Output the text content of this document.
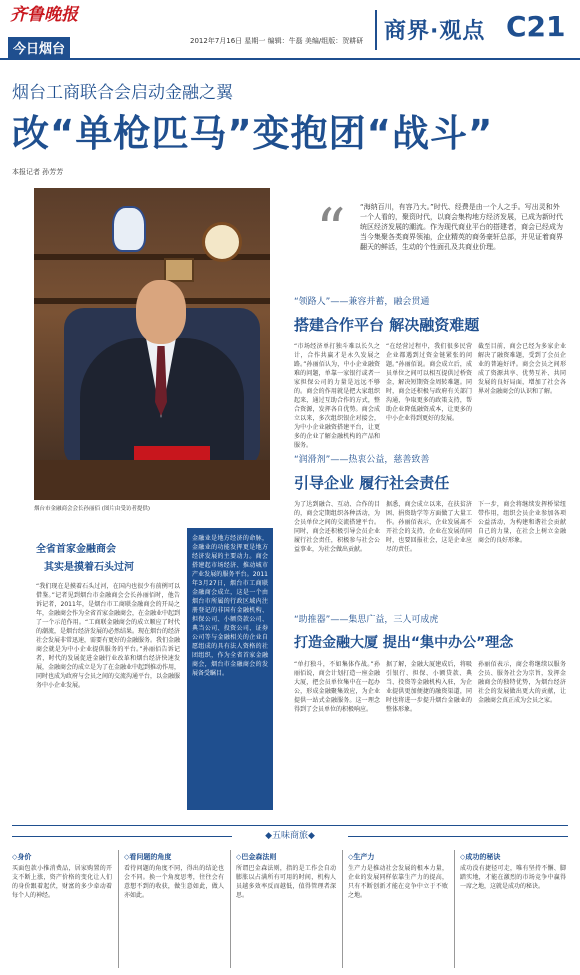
齐鲁晚报
今日烟台
2012年7月16日 星期一 编辑：牛磊 美编/组版：贺耕研 商界·观点 C21
烟台工商联合会启动金融之翼
改“单枪匹马”变抱团“战斗”
本报记者 孙芳芳
烟台市金融商会会长孙丽佰 (图片由受访者提供)
“ “海纳百川，有容乃大。”时代、经费是由一个人之手。写出灵和外一个人看的，聚资时代，以商会集构地方经济发展，已成为新时代统区经济发展的潮流。作为现代商业平台的搭建者，商会已经成为当今集聚各类商界领袖，企业精英的商务豪轩总部，并见证着商界翻天的鲜活，生动的个性面孔及共商业价理。
“领路人”——兼容并蓄，融会贯通
搭建合作平台 解决融资难题
“市场经济单打独斗难以长久之计，合作共赢才是永久发展之路。”孙丽佰认为，中小企业融资难的问题，单靠一家银行或者一家担保公司的力量是远远不够的。商会的作用就是把大家组织起来，通过互助合作的方式，整合资源，发挥各自优势。商会成立以来，多次组织银企对接会，为中小企业融资搭建平台，让更多的企业了解金融机构的产品和服务。
“在经营过程中，我们很多民营企业都遇到过资金链紧张的问题。”孙丽佰说。商会成立后，成员单位之间可以相互提供过桥资金，解决短期资金周转难题。同时，商会还积极与政府有关部门沟通，争取更多的政策支持，帮助企业降低融资成本，让更多的中小企业得到更好的发展。
截至目前，商会已经为多家企业解决了融资难题，受到了会员企业的普遍好评。商会会员之间形成了资源共享、优势互补、共同发展的良好局面，增加了社会各界对金融商会的认识和了解。
“润滑剂”——热衷公益，慈善致善
引导企业 履行社会责任
为了达到融合、互动、合作的目的，商会定期组织各种活动，为会员单位之间的交流搭建平台。同时，商会还积极引导会员企业履行社会责任，积极参与社会公益事业，为社会做出贡献。
据悉，商会成立以来，在扶贫济困、捐资助学等方面做了大量工作。孙丽佰表示，企业发展离不开社会的支持，企业在发展的同时，也要回报社会，这是企业应尽的责任。
下一步，商会将继续发挥桥梁纽带作用，组织会员企业参加各项公益活动，为构建和谐社会贡献自己的力量，在社会上树立金融商会的良好形象。
“助推器”——集思广益，三人可成虎
打造金融大厦 提出“集中办公”理念
“单打独斗，不如集体作战。”孙丽佰说，商会计划打造一座金融大厦，把会员单位集中在一起办公，形成金融聚集效应，为企业提供一站式金融服务。这一理念得到了会员单位的积极响应。
据了解，金融大厦建成后，将吸引银行、担保、小额贷款、典当、投资等金融机构入驻，为企业提供更加便捷的融资渠道，同时也将进一步提升烟台金融业的整体形象。
孙丽佰表示，商会将继续以服务会员、服务社会为宗旨，发挥金融商会的独特优势，为烟台经济社会的发展做出更大的贡献，让金融商会真正成为会员之家。
全省首家金融商会
其实是摸着石头过河
“我们现在是摸着石头过河，在国内也很少有前例可以借鉴。”记者见到烟台市金融商会会长孙丽佰时，他告诉记者，2011年，是烟台市工商联金融商会的开局之年，金融商会作为全省首家金融商会，在金融业中起到了一个示范作用。“工商联金融商会的成立顺应了时代的潮流，是烟台经济发展的必然结果。现在烟台的经济社会发展非常迅速，需要有更好的金融服务。我们金融商会就是为中小企业提供服务的平台。”孙丽佰告诉记者，时代的发展促进金融行业改革和烟台经济快速发展，金融商会的成立是为了在金融业中起到推动作用，同时也成为政府与会员之间的交流沟通平台，以金融服务中小企业发展。
金融业是地方经济的命脉，金融业的功能发挥更是地方经济发展的主要动力。商会搭建起市场经济、推动城市产业发展的服务平台。2011年3月27日，烟台市工商联金融商会成立，这是一个由烟台市所属的行政区域内注册登记的非国有金融机构、担保公司、小额贷款公司、典当公司、投资公司、证券公司等与金融相关的企业自愿组成的具有法人资格的社团组织，作为全省首家金融商会，烟台市金融商会的发展备受瞩目。
◆五味商旅◆
◇身价
买面包款小推消费品，居家购置的开支不断上涨，资产价格的变化让人们的身价跟着起伏，财富的多少牵动着每个人的神经。
◇看问题的角度
看待问题的角度不同，得出的结论也会不同。换一个角度思考，往往会有意想不到的收获，做生意如此，做人亦如此。
◇巴金森法则
所谓巴金森法则，指的是工作会自动膨胀以占满所有可用的时间，机构人员越多效率反而越低，值得管理者深思。
◇生产力
生产力是推动社会发展的根本力量，企业的发展同样依靠生产力的提高，只有不断创新才能在竞争中立于不败之地。
◇成功的秘诀
成功没有捷径可走，唯有坚持不懈、脚踏实地，才能在激烈的市场竞争中赢得一席之地，这就是成功的秘诀。
